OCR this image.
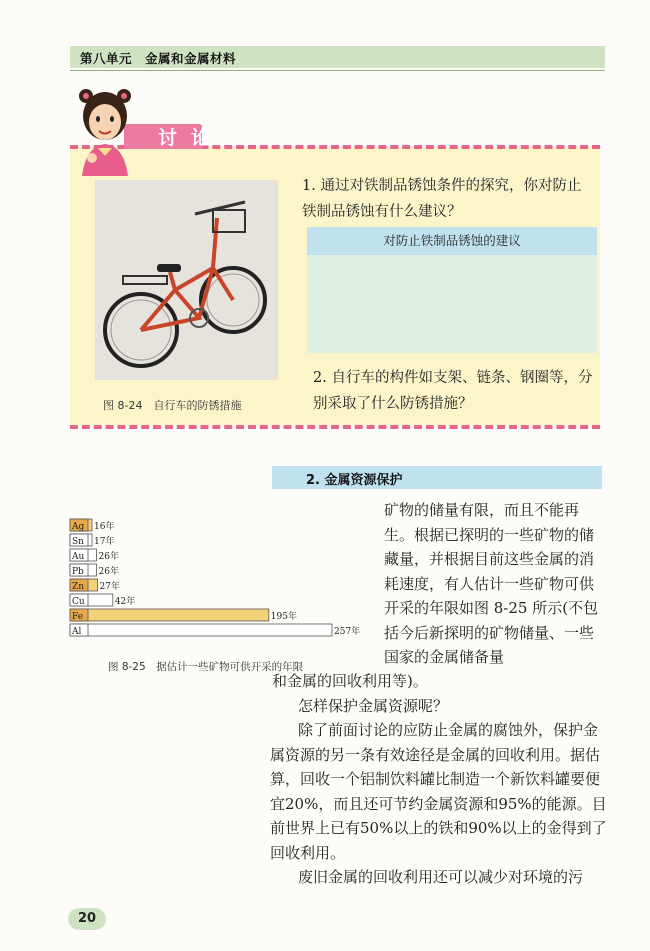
第八单元　金属和金属材料
讨论
图 8-24　自行车的防锈措施
1. 通过对铁制品锈蚀条件的探究，你对防止铁制品锈蚀有什么建议？
对防止铁制品锈蚀的建议
2. 自行车的构件如支架、链条、钢圈等，分别采取了什么防锈措施？
2. 金属资源保护
Ag 16年
Sn 17年
Au 26年
Pb 26年
Zn 27年
Cu	42年
Fe	195年
Al	257年
图 8-25　据估计一些矿物可供开采的年限
矿物的储量有限，而且不能再生。根据已探明的一些矿物的储藏量，并根据目前这些金属的消耗速度，有人估计一些矿物可供开采的年限如图 8-25 所示(不包括今后新探明的矿物储量、一些国家的金属储备量
和金属的回收利用等)。
怎样保护金属资源呢？
除了前面讨论的应防止金属的腐蚀外，保护金属资源的另一条有效途径是金属的回收利用。据估算，回收一个铝制饮料罐比制造一个新饮料罐要便宜20%，而且还可节约金属资源和95%的能源。目前世界上已有50%以上的铁和90%以上的金得到了回收利用。
废旧金属的回收利用还可以减少对环境的污
20
